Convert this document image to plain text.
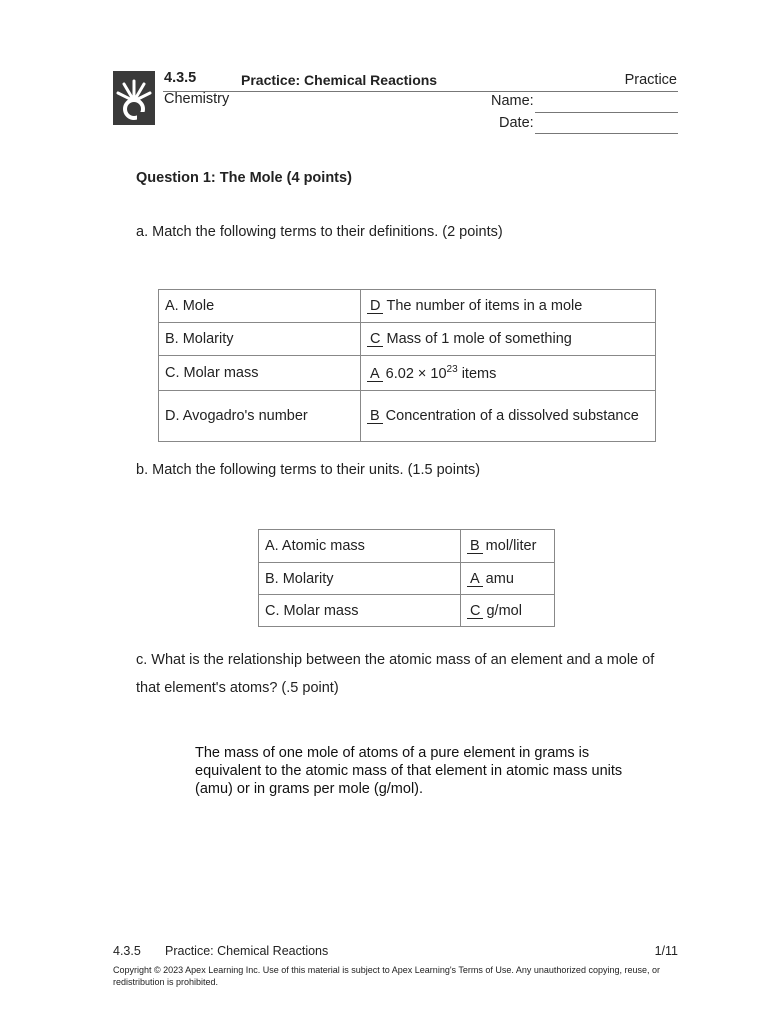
4.3.5	Practice: Chemical Reactions	Practice
Chemistry	Name:
Date:
Question 1: The Mole (4 points)
a. Match the following terms to their definitions. (2 points)
A. Mole	D The number of items in a mole
B. Molarity	C Mass of 1 mole of something
C. Molar mass	A $6.02 \times 10^{23}$ items
D. Avogadro's number	B Concentration of a dissolved substance
b. Match the following terms to their units. (1.5 points)
A. Atomic mass	B mol/liter
B. Molarity	A amu
C. Molar mass	C g/mol
c. What is the relationship between the atomic mass of an element and a mole of that element's atoms? (.5 point)
The mass of one mole of atoms of a pure element in grams is equivalent to the atomic mass of that element in atomic mass units (amu) or in grams per mole (g/mol).
4.3.5 Practice: Chemical Reactions	1/11
Copyright © 2023 Apex Learning Inc. Use of this material is subject to Apex Learning's Terms of Use. Any unauthorized copying, reuse, or redistribution is prohibited.
